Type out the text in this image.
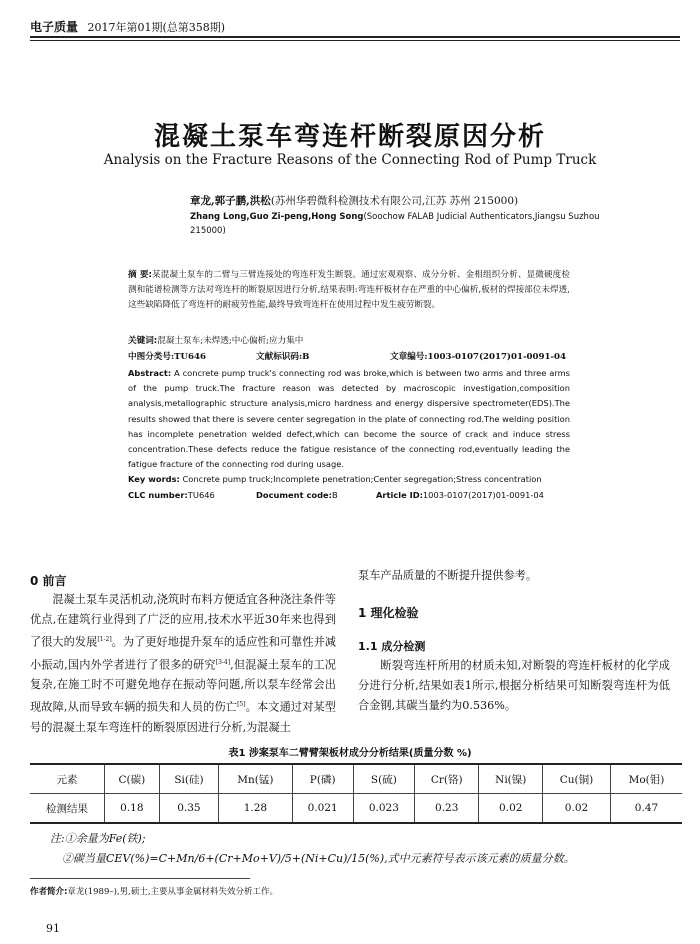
电子质量 2017年第01期(总第358期)
混凝土泵车弯连杆断裂原因分析
Analysis on the Fracture Reasons of the Connecting Rod of Pump Truck
章龙,郭子鹏,洪松(苏州华碧微科检测技术有限公司,江苏 苏州 215000)
Zhang Long,Guo Zi-peng,Hong Song(Soochow FALAB Judicial Authenticators,Jiangsu Suzhou
215000)
摘 要:某混凝土泵车的二臂与三臂连接处的弯连杆发生断裂。通过宏观观察、成分分析、金相组织分析、显微硬度检测和能谱检测等方法对弯连杆的断裂原因进行分析,结果表明:弯连杆板材存在严重的中心偏析,板材的焊接部位未焊透,这些缺陷降低了弯连杆的耐疲劳性能,最终导致弯连杆在使用过程中发生疲劳断裂。
关键词:混凝土泵车;未焊透;中心偏析;应力集中
中图分类号:TU646	文献标识码:B	文章编号:1003-0107(2017)01-0091-04
Abstract: A concrete pump truck's connecting rod was broke,which is between two arms and three arms of the pump truck.The fracture reason was detected by macroscopic investigation,composition analysis,metallographic structure analysis,micro hardness and energy dispersive spectrometer(EDS).The results showed that there is severe center segregation in the plate of connecting rod.The welding position has incomplete penetration welded defect,which can become the source of crack and induce stress concentration.These defects reduce the fatigue resistance of the connecting rod,eventually leading the fatigue fracture of the connecting rod during usage.
Key words: Concrete pump truck;Incomplete penetration;Center segregation;Stress concentration
CLC number: TU646	Document code: B	Article ID: 1003-0107(2017)01-0091-04
0 前言

混凝土泵车灵活机动,浇筑时布料方便适宜各种浇注条件等优点,在建筑行业得到了广泛的应用,技术水平近30年来也得到了很大的发展[1-2]。为了更好地提升泵车的适应性和可靠性并减小振动,国内外学者进行了很多的研究[3-4],但混凝土泵车的工况复杂,在施工时不可避免地存在振动等问题,所以泵车经常会出现故障,从而导致车辆的损失和人员的伤亡[5]。本文通过对某型号的混凝土泵车弯连杆的断裂原因进行分析,为混凝土

泵车产品质量的不断提升提供参考。
1 理化检验
1.1 成分检测

断裂弯连杆所用的材质未知,对断裂的弯连杆板材的化学成分进行分析,结果如表1所示,根据分析结果可知断裂弯连杆为低合金钢,其碳当量约为0.536%。

表1 涉案泵车二臂臂架板材成分分析结果(质量分数 %)
元素	C(碳)	Si(硅)	Mn(锰)	P(磷)	S(硫)	Cr(铬)	Ni(镍)	Cu(铜)	Mo(钼)
检测结果	0.18	0.35	1.28	0.021	0.023	0.23	0.02	0.02	0.47
注:①余量为Fe(铁);
②碳当量CEV(%)=C+Mn/6+(Cr+Mo+V)/5+(Ni+Cu)/15(%),式中元素符号表示该元素的质量分数。
作者简介:章龙(1989–),男,硕士,主要从事金属材料失效分析工作。
91
